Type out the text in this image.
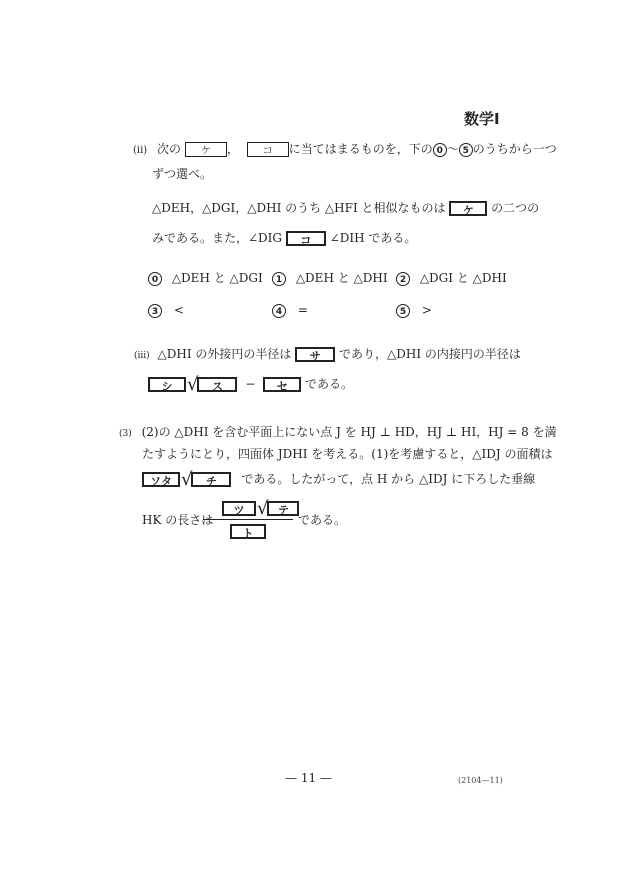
数学Ⅰ
(ii) 次の ケ ， コ に当てはまるものを，下の 0 〜 5 のうちから一つ
ずつ選べ。
△DEH，△DGI，△DHI のうち △HFI と相似なものは ケ の二つの
みである。また，∠DIG コ ∠DIH である。
0 △DEH と △DGI	1 △DEH と △DHI	2 △DGI と △DHI
3 <	4 =	5 >
(iii) △DHI の外接円の半径は サ であり，△DHI の内接円の半径は
シ √ ス − セ である。
(3) (2)の △DHI を含む平面上にない点 J を HJ ⊥ HD，HJ ⊥ HI，HJ = 8 を満
たすようにとり，四面体 JDHI を考える。(1)を考慮すると，△IDJ の面積は
ソタ √ チ である。したがって，点 H から △IDJ に下ろした垂線
HK の長さは
ツ √ テ
ト
である。
— 11 —	(2104—11)
